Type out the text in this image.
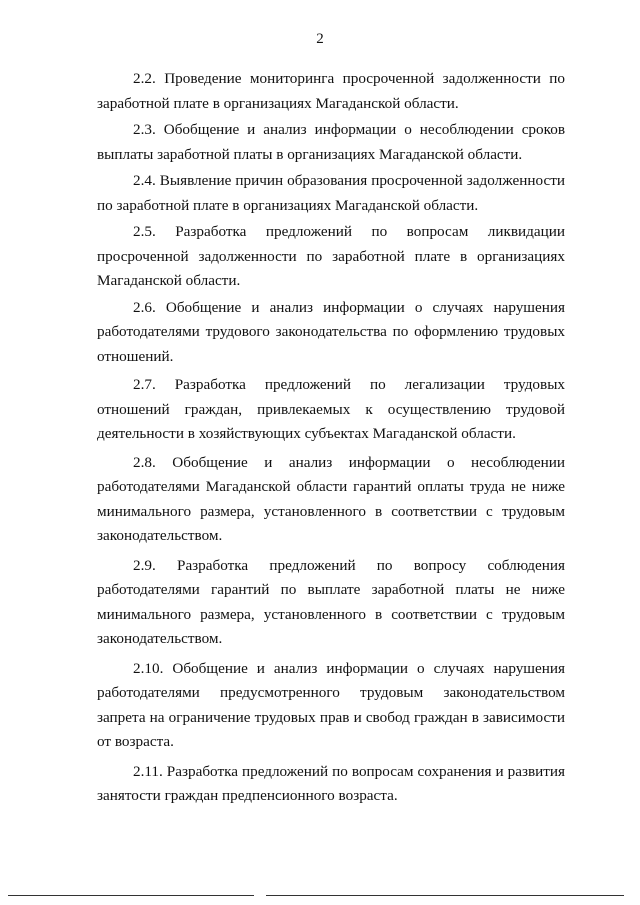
2

2.2. Проведение мониторинга просроченной задолженности по заработной плате в организациях Магаданской области.

2.3. Обобщение и анализ информации о несоблюдении сроков выплаты заработной платы в организациях Магаданской области.

2.4. Выявление причин образования просроченной задолженности по заработной плате в организациях Магаданской области.

2.5. Разработка предложений по вопросам ликвидации просроченной задолженности по заработной плате в организациях Магаданской области.

2.6. Обобщение и анализ информации о случаях нарушения работодателями трудового законодательства по оформлению трудовых отношений.

2.7. Разработка предложений по легализации трудовых отношений граждан, привлекаемых к осуществлению трудовой деятельности в хозяйствующих субъектах Магаданской области.

2.8. Обобщение и анализ информации о несоблюдении работодателями Магаданской области гарантий оплаты труда не ниже минимального размера, установленного в соответствии с трудовым законодательством.

2.9. Разработка предложений по вопросу соблюдения работодателями гарантий по выплате заработной платы не ниже минимального размера, установленного в соответствии с трудовым законодательством.

2.10. Обобщение и анализ информации о случаях нарушения работодателями предусмотренного трудовым законодательством запрета на ограничение трудовых прав и свобод граждан в зависимости от возраста.

2.11. Разработка предложений по вопросам сохранения и развития занятости граждан предпенсионного возраста.
